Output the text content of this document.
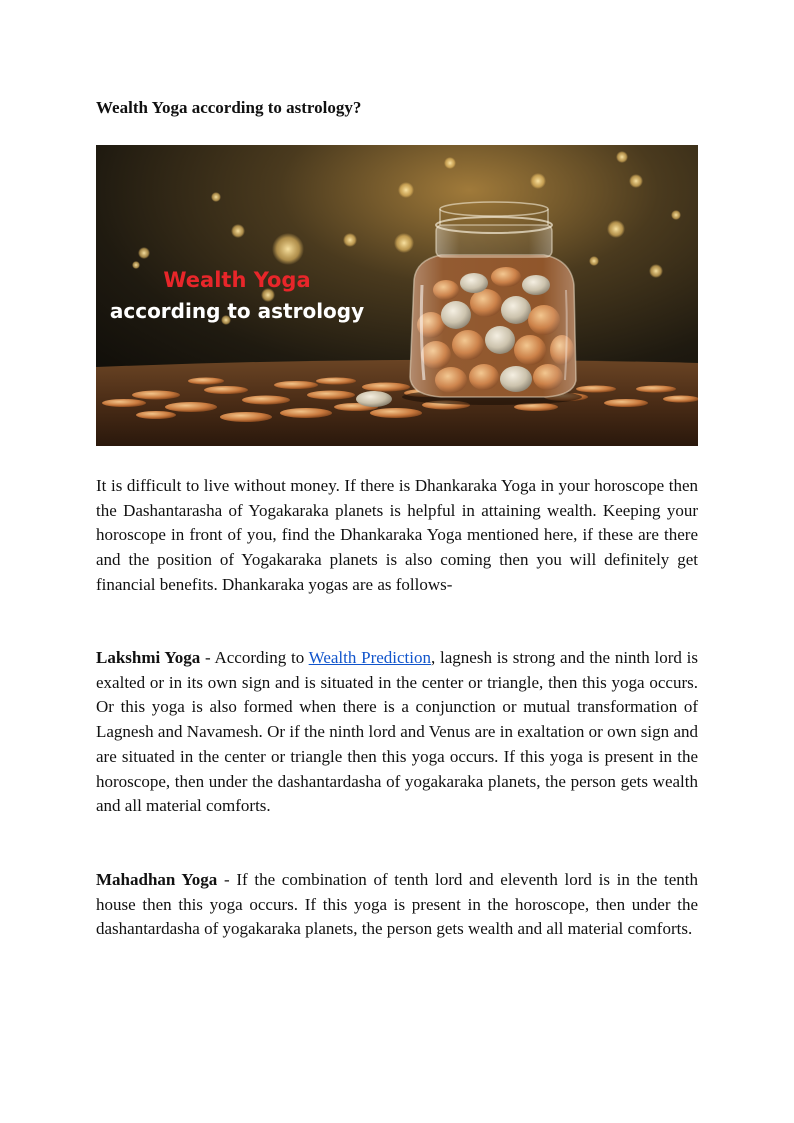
Wealth Yoga according to astrology?
Wealth Yoga
according to astrology

It is difficult to live without money. If there is Dhankaraka Yoga in your horoscope then the Dashantarasha of Yogakaraka planets is helpful in attaining wealth. Keeping your horoscope in front of you, find the Dhankaraka Yoga mentioned here, if these are there and the position of Yogakaraka planets is also coming then you will definitely get financial benefits. Dhankaraka yogas are as follows-

Lakshmi Yoga - According to Wealth Prediction, lagnesh is strong and the ninth lord is exalted or in its own sign and is situated in the center or triangle, then this yoga occurs. Or this yoga is also formed when there is a conjunction or mutual transformation of Lagnesh and Navamesh. Or if the ninth lord and Venus are in exaltation or own sign and are situated in the center or triangle then this yoga occurs. If this yoga is present in the horoscope, then under the dashantardasha of yogakaraka planets, the person gets wealth and all material comforts.

Mahadhan Yoga - If the combination of tenth lord and eleventh lord is in the tenth house then this yoga occurs. If this yoga is present in the horoscope, then under the dashantardasha of yogakaraka planets, the person gets wealth and all material comforts.
